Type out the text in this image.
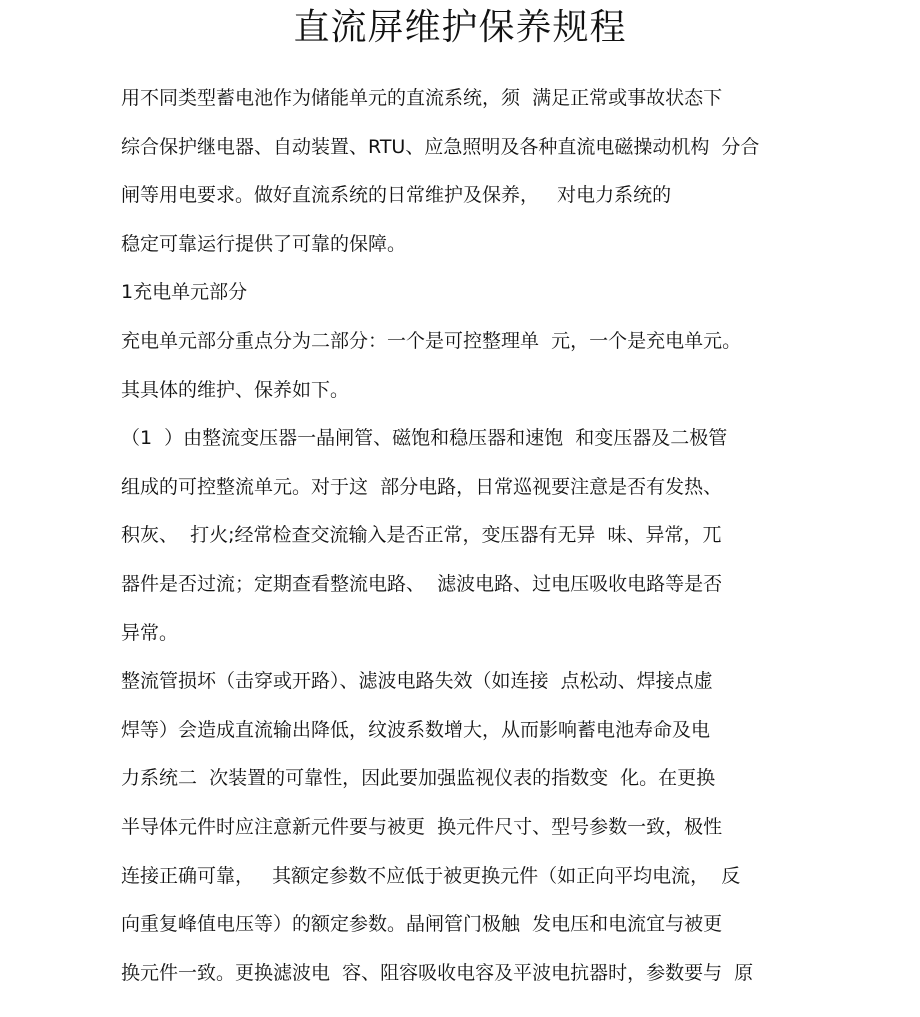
直流屏维护保养规程
用不同类型蓄电池作为储能单元的直流系统，须  满足正常或事故状态下
综合保护继电器、自动装置、RTU、应急照明及各种直流电磁操动机构  分合
闸等用电要求。做好直流系统的日常维护及保养，   对电力系统的
稳定可靠运行提供了可靠的保障。
1充电单元部分
充电单元部分重点分为二部分：一个是可控整理单  元，一个是充电单元。
其具体的维护、保养如下。
（1  ）由整流变压器一晶闸管、磁饱和稳压器和速饱  和变压器及二极管
组成的可控整流单元。对于这  部分电路，日常巡视要注意是否有发热、
积灰、  打火;经常检查交流输入是否正常，变压器有无异  味、异常，兀
器件是否过流；定期查看整流电路、  滤波电路、过电压吸收电路等是否
异常。
整流管损坏（击穿或开路）、滤波电路失效（如连接  点松动、焊接点虚
焊等）会造成直流输出降低，纹波系数增大，从而影响蓄电池寿命及电
力系统二  次装置的可靠性，因此要加强监视仪表的指数变  化。在更换
半导体元件时应注意新元件要与被更  换元件尺寸、型号参数一致，极性
连接正确可靠，   其额定参数不应低于被更换元件（如正向平均电流，  反
向重复峰值电压等）的额定参数。晶闸管门极触  发电压和电流宜与被更
换元件一致。更换滤波电  容、阻容吸收电容及平波电抗器时，参数要与  原
